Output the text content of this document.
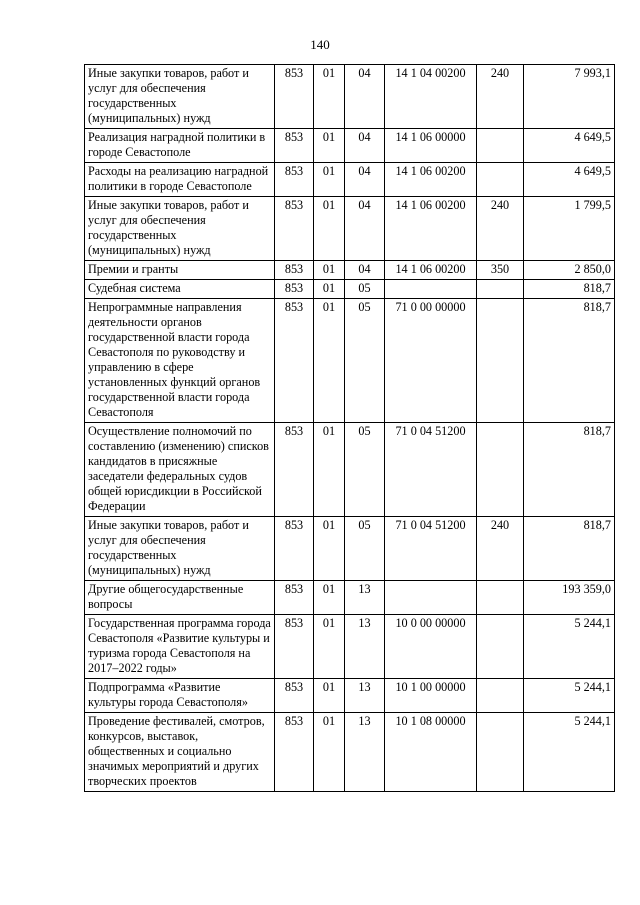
140
Иные закупки товаров, работ и услуг для обеспечения государственных (муниципальных) нужд	853	01	04	14 1 04 00200	240	7 993,1
Реализация наградной политики в городе Севастополе	853	01	04	14 1 06 00000		4 649,5
Расходы на реализацию наградной политики в городе Севастополе	853	01	04	14 1 06 00200		4 649,5
Иные закупки товаров, работ и услуг для обеспечения государственных (муниципальных) нужд	853	01	04	14 1 06 00200	240	1 799,5
Премии и гранты	853	01	04	14 1 06 00200	350	2 850,0
Судебная система	853	01	05			818,7
Непрограммные направления деятельности органов государственной власти города Севастополя по руководству и управлению в сфере установленных функций органов государственной власти города Севастополя	853	01	05	71 0 00 00000		818,7
Осуществление полномочий по составлению (изменению) списков кандидатов в присяжные заседатели федеральных судов общей юрисдикции в Российской Федерации	853	01	05	71 0 04 51200		818,7
Иные закупки товаров, работ и услуг для обеспечения государственных (муниципальных) нужд	853	01	05	71 0 04 51200	240	818,7
Другие общегосударственные вопросы	853	01	13			193 359,0
Государственная программа города Севастополя «Развитие культуры и туризма города Севастополя на 2017–2022 годы»	853	01	13	10 0 00 00000		5 244,1
Подпрограмма «Развитие культуры города Севастополя»	853	01	13	10 1 00 00000		5 244,1
Проведение фестивалей, смотров, конкурсов, выставок, общественных и социально значимых мероприятий и других творческих проектов	853	01	13	10 1 08 00000		5 244,1
